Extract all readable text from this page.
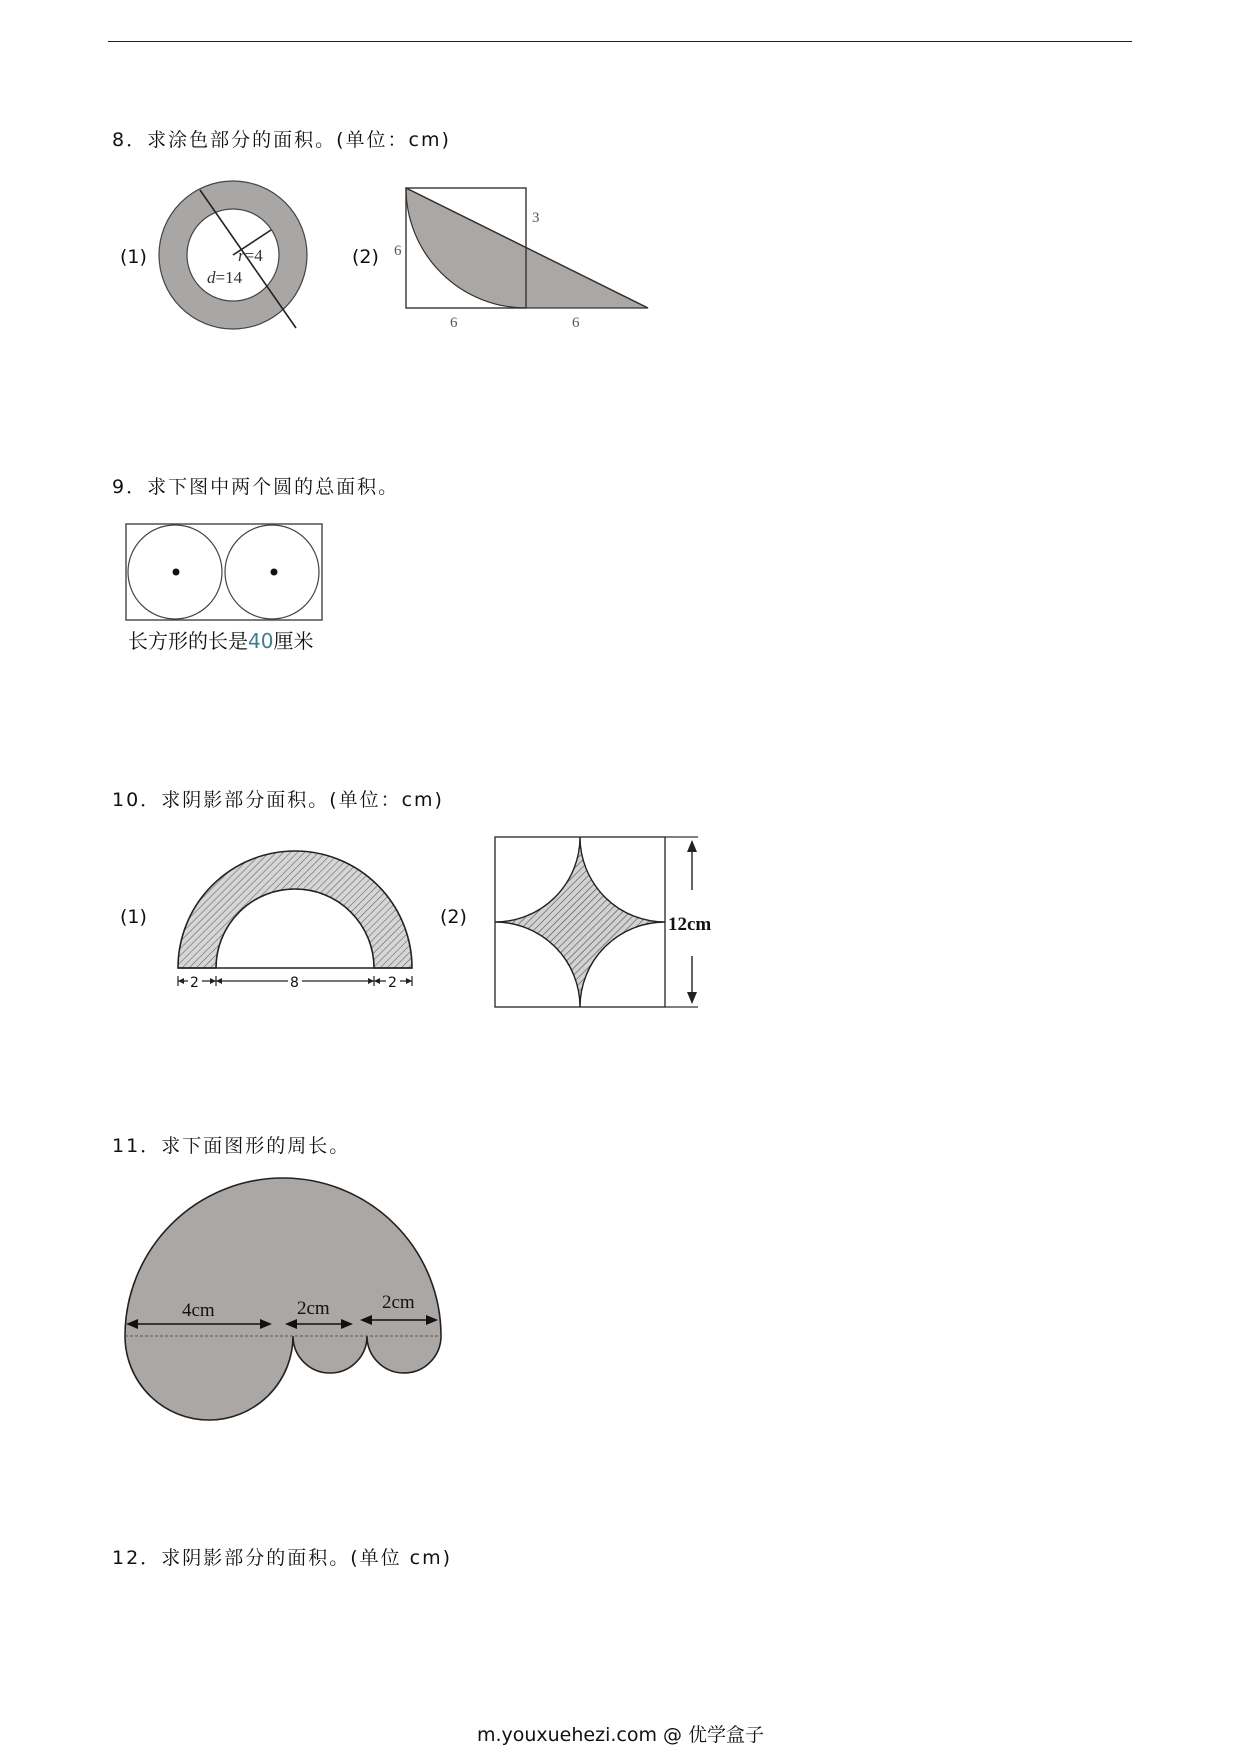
8．求涂色部分的面积。(单位：cm)
(1)	r=4
d=14
(2) 6
3
6	6
9．求下图中两个圆的总面积。
长方形的长是40厘米
10．求阴影部分面积。(单位：cm)
(1)
2	8	2
(2)	12cm
11．求下面图形的周长。
4cm	2cm	2cm
12．求阴影部分的面积。(单位 cm)
m.youxuehezi.com @ 优学盒子
